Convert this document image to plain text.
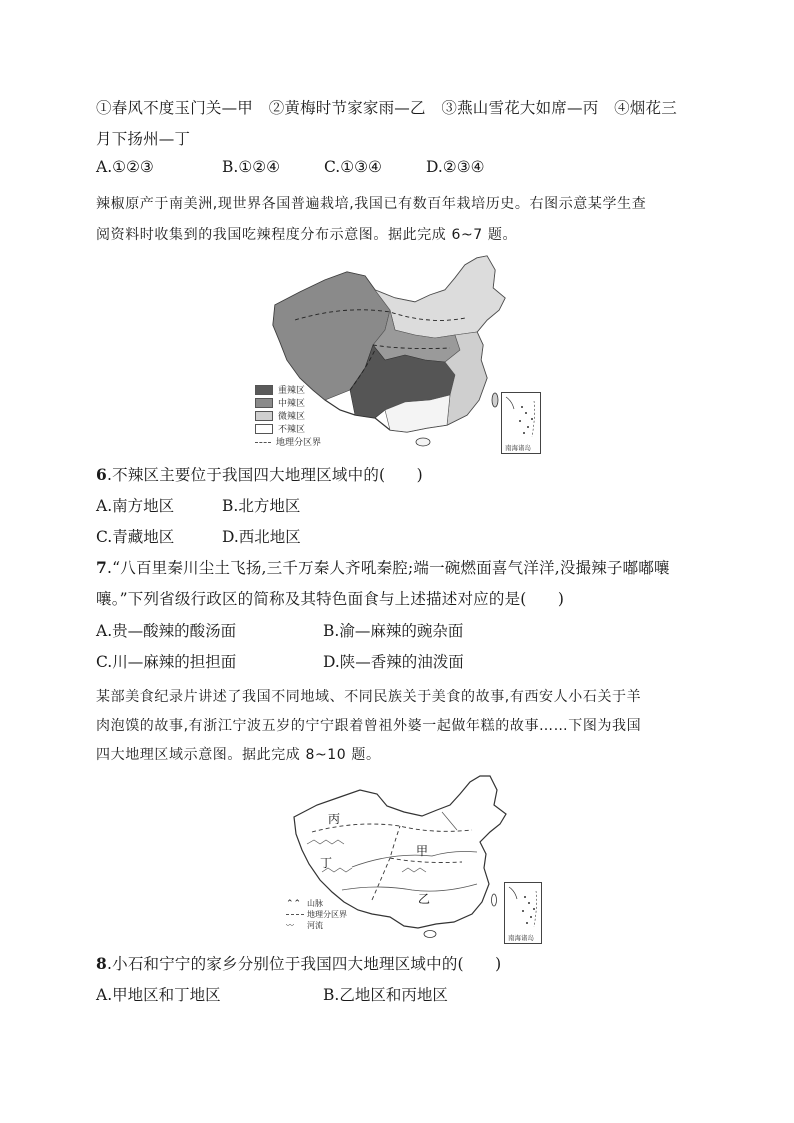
①春风不度玉门关—甲　②黄梅时节家家雨—乙　③燕山雪花大如席—丙　④烟花三
月下扬州—丁
A.①②③	B.①②④	C.①③④	D.②③④
辣椒原产于南美洲,现世界各国普遍栽培,我国已有数百年栽培历史。右图示意某学生查
阅资料时收集到的我国吃辣程度分布示意图。据此完成 6~7 题。
重辣区
中辣区
微辣区
不辣区
地理分区界	南海诸岛
6.不辣区主要位于我国四大地理区域中的(　　)
A.南方地区	B.北方地区
C.青藏地区	D.西北地区
7.“八百里秦川尘土飞扬,三千万秦人齐吼秦腔;端一碗燃面喜气洋洋,没撮辣子嘟嘟嚷
嚷。”下列省级行政区的简称及其特色面食与上述描述对应的是(　　)
A.贵—酸辣的酸汤面	B.渝—麻辣的豌杂面
C.川—麻辣的担担面	D.陕—香辣的油泼面
某部美食纪录片讲述了我国不同地域、不同民族关于美食的故事,有西安人小石关于羊
肉泡馍的故事,有浙江宁波五岁的宁宁跟着曾祖外婆一起做年糕的故事……下图为我国
四大地理区域示意图。据此完成 8~10 题。
丙
甲
丁
乙
⌃⌃ 山脉
地理分区界
〰	河流
南海诸岛
8.小石和宁宁的家乡分别位于我国四大地理区域中的(　　)
A.甲地区和丁地区	B.乙地区和丙地区
